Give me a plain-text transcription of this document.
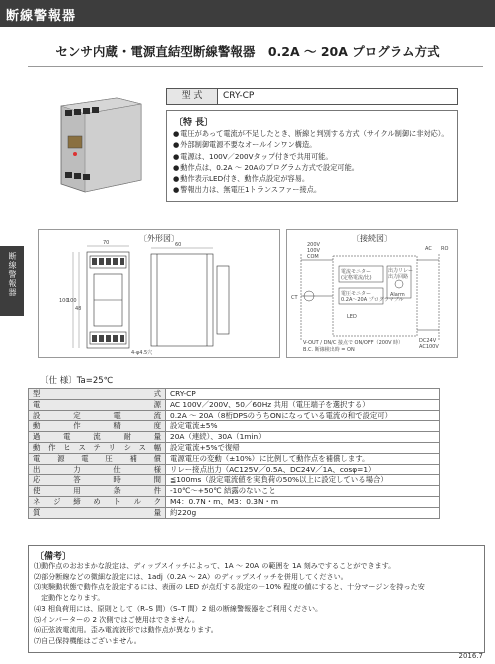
断線警報器
断線警報器
センサ内蔵・電源直結型断線警報器　0.2A ～ 20A プログラム方式
型 式	CRY-CP
〔特 長〕
●電圧があって電流が不足したとき、断線と判別する方式（サイクル制御に非対応）。
●外部制御電源不要なオールインワン構造。
●電源は、100V／200Vタップ付きで共用可能。
●動作点は、0.2A ～ 20Aのプログラム方式で設定可能。
●動作表示LED付き、動作点設定が容易。
●警報出力は、無電圧1トランスファー接点。
〔外形図〕
70
100
60
48
4-φ4.5穴
100
〔接続図〕
200V
100V
COM
CT
電流モニター
(定格電流/比)
電圧モニター
0.2A～20A プログラマブル
出力リレー
出力回路
Alarm
AC RO
DC24V
AC100V
LED
V-OUT / DN/C 接点で ON/OFF（200V 時）
B.C. 断線検出時 = ON
〔仕 様〕Ta=25℃
型式	CRY-CP
電源	AC 100V／200V、50／60Hz 共用（電圧端子を選択する）
設定電流	0.2A ～ 20A（8桁DPSのうちONになっている電流の和で設定可）
動作精度	設定電流±5%
過電流耐量	20A（連続）、30A（1min）
動作ヒステリシス幅	設定電流+5%で復帰
電源電圧補償	電源電圧の変動（±10%）に比例して動作点を補償します。
出力仕様	リレー接点出力（AC125V／0.5A、DC24V／1A、cosφ=1）
応答時間	≦100ms（設定電流値を実負荷の50%以上に設定している場合）
使用条件	-10℃～+50℃ 結露のないこと
ネジ締めトルク	M4：0.7N・m、M3：0.3N・m
質量	約220g
〔備考〕
⑴動作点のおおまかな設定は、ディップスイッチによって、1A ～ 20A の範囲を 1A 刻みですることができます。
⑵部分断線などの微細な設定には、1adj（0.2A ～ 2A）のディップスイッチを併用してください。
⑶実験動状態で動作点を設定するには、表面の LED が点灯する設定の－10% 程度の値にすると、十分マージンを持った安
　定動作となります。
⑷3 相負荷用には、原則として（R–S 間）（S–T 間）2 組の断線警報器をご利用ください。
⑸インバーターの 2 次側ではご使用はできません。
⑹正弦波電流用。歪み電流波形では動作点が異なります。
⑺自己保持機能はございません。
2016.7
